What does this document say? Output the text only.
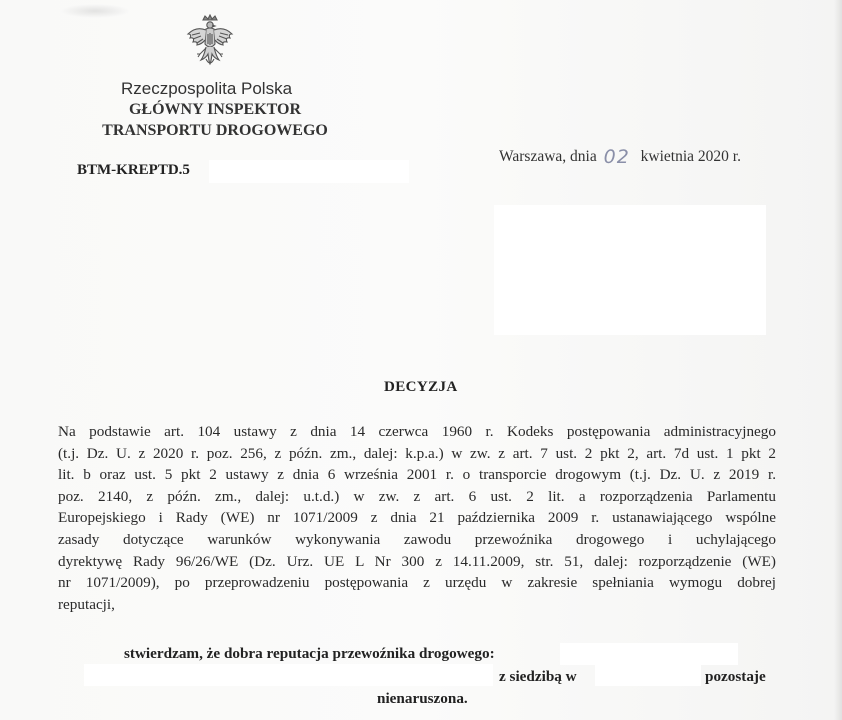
Rzeczpospolita Polska
GŁÓWNY INSPEKTOR
TRANSPORTU DROGOWEGO
BTM-KREPTD.5
Warszawa, dnia 02 kwietnia 2020 r.
DECYZJA
Na podstawie art. 104 ustawy z dnia 14 czerwca 1960 r. Kodeks postępowania administracyjnego
(t.j. Dz. U. z 2020 r. poz. 256, z późn. zm., dalej: k.p.a.) w zw. z art. 7 ust. 2 pkt 2, art. 7d ust. 1 pkt 2
lit. b oraz ust. 5 pkt 2 ustawy z dnia 6 września 2001 r. o transporcie drogowym (t.j. Dz. U. z 2019 r.
poz. 2140, z późn. zm., dalej: u.t.d.) w zw. z art. 6 ust. 2 lit. a rozporządzenia Parlamentu
Europejskiego i Rady (WE) nr 1071/2009 z dnia 21 października 2009 r. ustanawiającego wspólne
zasady dotyczące warunków wykonywania zawodu przewoźnika drogowego i uchylającego
dyrektywę Rady 96/26/WE (Dz. Urz. UE L Nr 300 z 14.11.2009, str. 51, dalej: rozporządzenie (WE)
nr 1071/2009), po przeprowadzeniu postępowania z urzędu w zakresie spełniania wymogu dobrej
reputacji,
stwierdzam, że dobra reputacja przewoźnika drogowego:
z siedzibą w	pozostaje
nienaruszona.
